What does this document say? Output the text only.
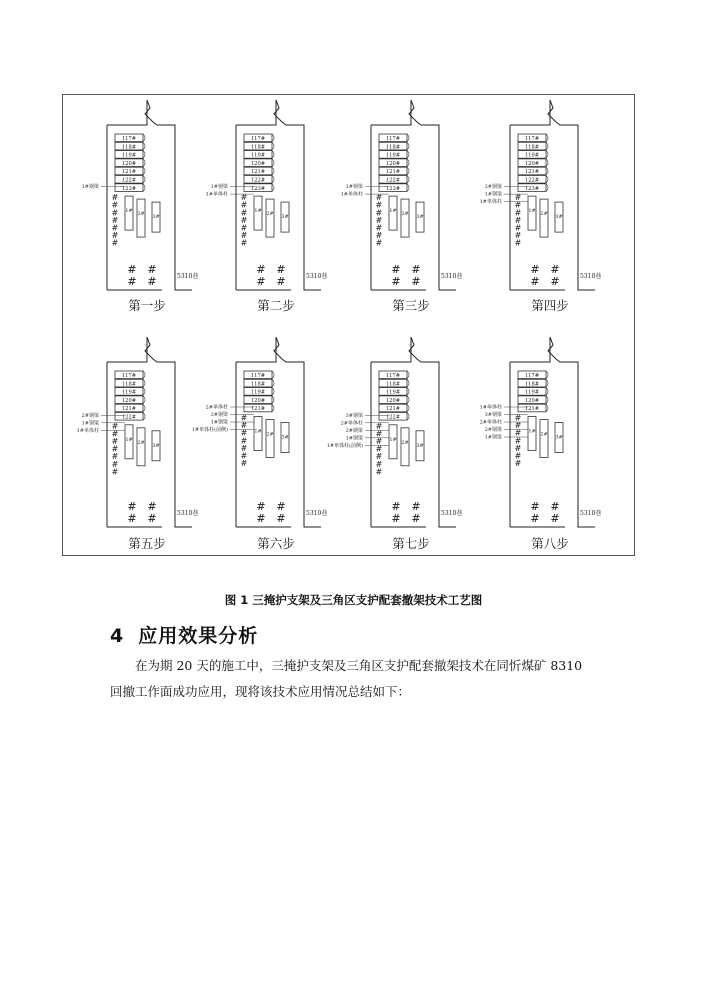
117#
118#
119#
120#
121#
122#
123#
1# 2# 3#
1#钢梁
#
#
#
#
#
#
#
# #
# #	5310巷
117#
118#
119#
120#
121#
122#
123#
1# 2# 3#
1#钢梁
1#单体柱 #
#
#
#
#
#
#
# #
# #	5310巷
117#
118#
119#
120#
121#
122#
123#
1# 2# 3#
1#钢梁
1#单体柱 #
#
#
#
#
#
#
# #
# #	5310巷
117#
118#
119#
120#
121#
122#
123#
1# 2# 3#
2#钢梁
1#钢梁
1#单体柱 #
#
#
#
#
#
#
# #
# #	5310巷
117#
118#
119#
120#
121#
122#
1# 2# 3#
2#钢梁
1#钢梁
1#单体柱 #
#
#
#
#
#
#
# #
# #	5310巷
117#
118#
119#
120#
121#
1# 2# 3#
2#单体柱
2#钢梁
1#钢梁
1#单体柱(前侧)
#
#
#
#
#
#
#
# #
# #	5310巷
117#
118#
119#
120#
121#
122#
1# 2# 3#
3#钢梁
2#单体柱
2#钢梁
1#钢梁
1#单体柱(前侧)
#
#
#
#
#
#
#
# #
# #	5310巷
117#
118#
119#
120#
121#
1# 2# 3#
1#单体柱
3#钢梁
2#单体柱
2#钢梁
1#钢梁
#
#
#
#
#
#
#
# #
# #	5310巷
第一步	第二步	第三步	第四步
第五步	第六步	第七步	第八步
图 1 三掩护支架及三角区支护配套撤架技术工艺图
4 应用效果分析
在为期 20 天的施工中，三掩护支架及三角区支护配套撤架技术在同忻煤矿 8310 回撤工作面成功应用，现将该技术应用情况总结如下：
